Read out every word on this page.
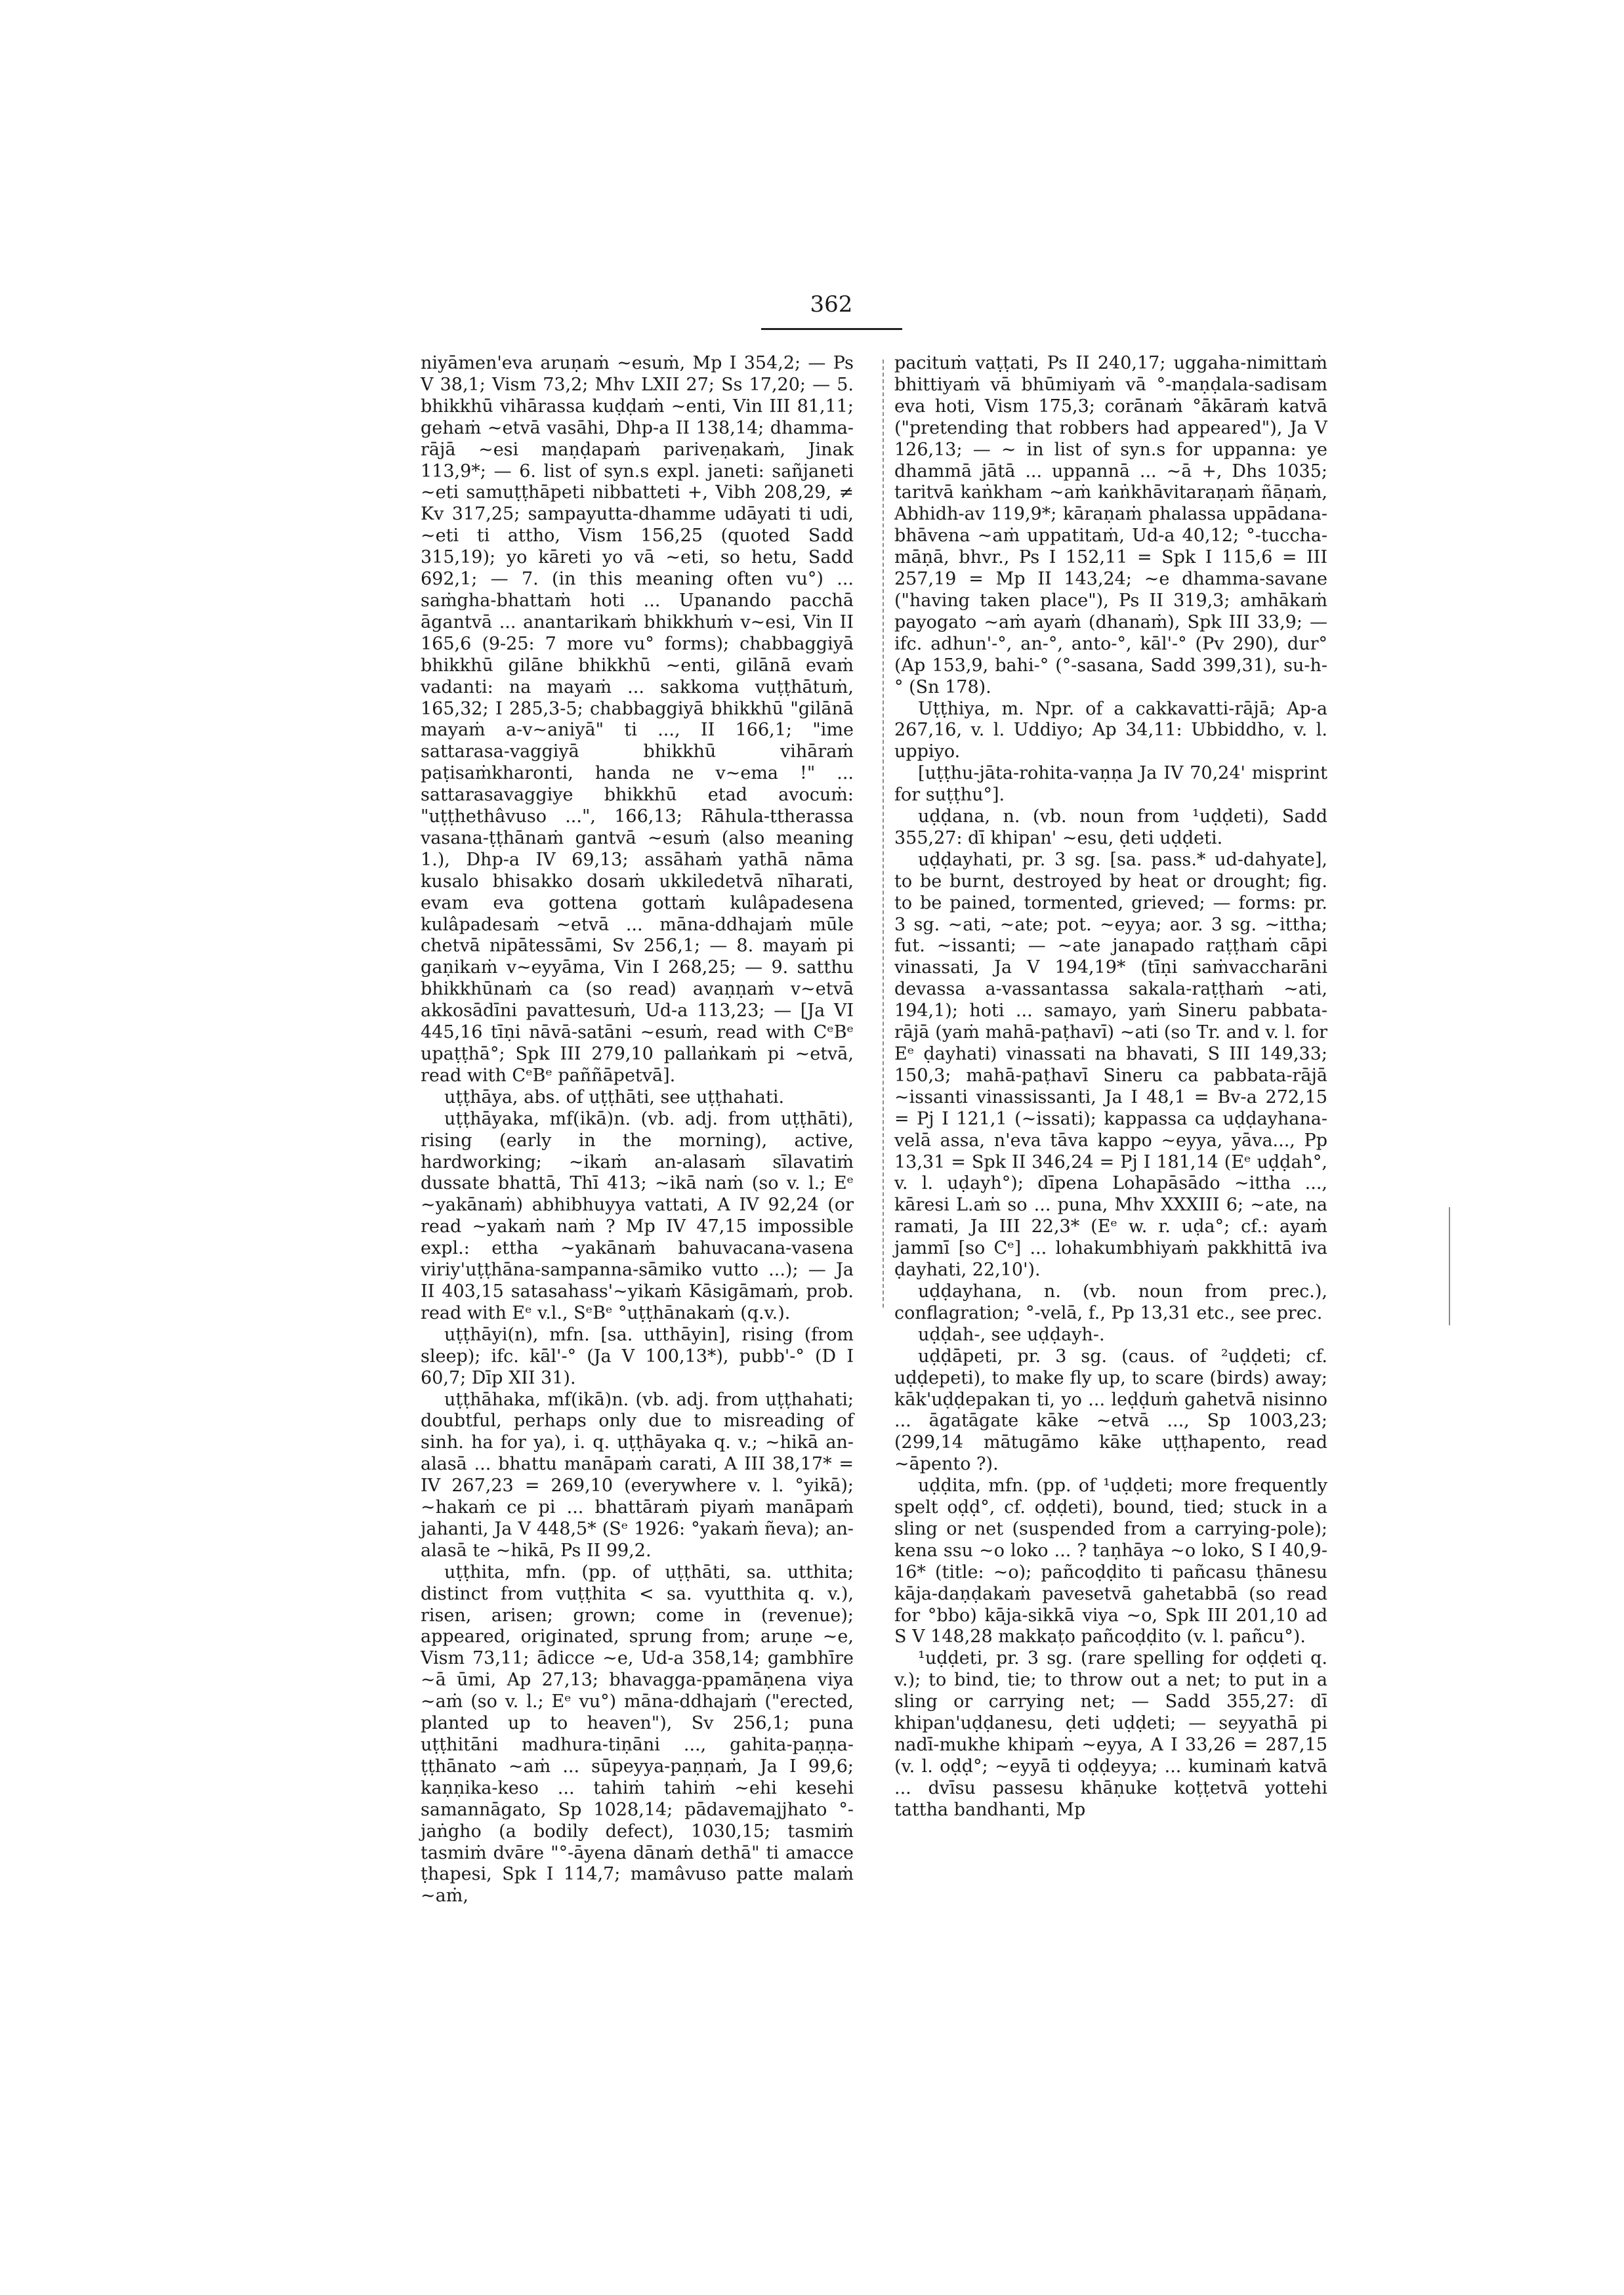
362

niyāmen'eva aruṇaṁ ~esuṁ, Mp I 354,2; — Ps V 38,1; Vism 73,2; Mhv LXII 27; Ss 17,20; — 5. bhikkhū vihārassa kuḍḍaṁ ~enti, Vin III 81,11; gehaṁ ~etvā vasāhi, Dhp-a II 138,14; dhamma-rājā ~esi maṇḍapaṁ pariveṇakaṁ, Jinak 113,9*; — 6. list of syn.s expl. janeti: sañjaneti ~eti samuṭṭhāpeti nibbatteti +, Vibh 208,29, ≠ Kv 317,25; sampayutta-dhamme udāyati ti udi, ~eti ti attho, Vism 156,25 (quoted Sadd 315,19); yo kāreti yo vā ~eti, so hetu, Sadd 692,1; — 7. (in this meaning often vu°) ... saṁgha-bhattaṁ hoti ... Upanando pacchā āgantvā ... anantarikaṁ bhikkhuṁ v~esi, Vin II 165,6 (9-25: 7 more vu° forms); chabbaggiyā bhikkhū gilāne bhikkhū ~enti, gilānā evaṁ vadanti: na mayaṁ ... sakkoma vuṭṭhātuṁ, 165,32; I 285,3-5; chabbaggiyā bhikkhū "gilānā mayaṁ a-v~aniyā" ti ..., II 166,1; "ime sattarasa-vaggiyā bhikkhū vihāraṁ paṭisaṁkharonti, handa ne v~ema !" ... sattarasavaggiye bhikkhū etad avocuṁ: "uṭṭhethâvuso ...", 166,13; Rāhula-ttherassa vasana-ṭṭhānaṁ gantvā ~esuṁ (also meaning 1.), Dhp-a IV 69,13; assāhaṁ yathā nāma kusalo bhisakko dosaṁ ukkiledetvā nīharati, evam eva gottena gottaṁ kulâpadesena kulâpadesaṁ ~etvā ... māna-ddhajaṁ mūle chetvā nipātessāmi, Sv 256,1; — 8. mayaṁ pi gaṇikaṁ v~eyyāma, Vin I 268,25; — 9. satthu bhikkhūnaṁ ca (so read) avaṇṇaṁ v~etvā akkosādīni pavattesuṁ, Ud-a 113,23; — [Ja VI 445,16 tīṇi nāvā-satāni ~esuṁ, read with CᵉBᵉ upaṭṭhā°; Spk III 279,10 pallaṅkaṁ pi ~etvā, read with CᵉBᵉ paññāpetvā].

uṭṭhāya, abs. of uṭṭhāti, see uṭṭhahati.

uṭṭhāyaka, mf(ikā)n. (vb. adj. from uṭṭhāti), rising (early in the morning), active, hardworking; ~ikaṁ an-alasaṁ sīlavatiṁ dussate bhattā, Thī 413; ~ikā naṁ (so v. l.; Eᵉ ~yakānaṁ) abhibhuyya vattati, A IV 92,24 (or read ~yakaṁ naṁ ? Mp IV 47,15 impossible expl.: ettha ~yakānaṁ bahuvacana-vasena viriy'uṭṭhāna-sampanna-sāmiko vutto ...); — Ja II 403,15 satasahass'~yikaṁ Kāsigāmaṁ, prob. read with Eᵉ v.l., SᵉBᵉ °uṭṭhānakaṁ (q.v.).

uṭṭhāyi(n), mfn. [sa. utthāyin], rising (from sleep); ifc. kāl'-° (Ja V 100,13*), pubb'-° (D I 60,7; Dīp XII 31).

uṭṭhāhaka, mf(ikā)n. (vb. adj. from uṭṭhahati; doubtful, perhaps only due to misreading of sinh. ha for ya), i. q. uṭṭhāyaka q. v.; ~hikā an-alasā ... bhattu manāpaṁ carati, A III 38,17* = IV 267,23 = 269,10 (everywhere v. l. °yikā); ~hakaṁ ce pi ... bhattāraṁ piyaṁ manāpaṁ jahanti, Ja V 448,5* (Sᵉ 1926: °yakaṁ ñeva); an-alasā te ~hikā, Ps II 99,2.

uṭṭhita, mfn. (pp. of uṭṭhāti, sa. utthita; distinct from vuṭṭhita < sa. vyutthita q. v.), risen, arisen; grown; come in (revenue); appeared, originated, sprung from; aruṇe ~e, Vism 73,11; ādicce ~e, Ud-a 358,14; gambhīre ~ā ūmi, Ap 27,13; bhavagga-ppamāṇena viya ~aṁ (so v. l.; Eᵉ vu°) māna-ddhajaṁ ("erected, planted up to heaven"), Sv 256,1; puna uṭṭhitāni madhura-tiṇāni ..., gahita-paṇṇa-ṭṭhānato ~aṁ ... sūpeyya-paṇṇaṁ, Ja I 99,6; kaṇṇika-keso ... tahiṁ tahiṁ ~ehi kesehi samannāgato, Sp 1028,14; pādavemajjhato °-jaṅgho (a bodily defect), 1030,15; tasmiṁ tasmiṁ dvāre "°-āyena dānaṁ dethā" ti amacce ṭhapesi, Spk I 114,7; mamâvuso patte malaṁ ~aṁ,

pacituṁ vaṭṭati, Ps II 240,17; uggaha-nimittaṁ bhittiyaṁ vā bhūmiyaṁ vā °-maṇḍala-sadisam eva hoti, Vism 175,3; corānaṁ °ākāraṁ katvā ("pretending that robbers had appeared"), Ja V 126,13; — ~ in list of syn.s for uppanna: ye dhammā jātā ... uppannā ... ~ā +, Dhs 1035; taritvā kaṅkham ~aṁ kaṅkhāvitaraṇaṁ ñāṇaṁ, Abhidh-av 119,9*; kāraṇaṁ phalassa uppādana-bhāvena ~aṁ uppatitaṁ, Ud-a 40,12; °-tuccha-māṇā, bhvr., Ps I 152,11 = Spk I 115,6 = III 257,19 = Mp II 143,24; ~e dhamma-savane ("having taken place"), Ps II 319,3; amhākaṁ payogato ~aṁ ayaṁ (dhanaṁ), Spk III 33,9; — ifc. adhun'-°, an-°, anto-°, kāl'-° (Pv 290), dur° (Ap 153,9, bahi-° (°-sasana, Sadd 399,31), su-h-° (Sn 178).

Uṭṭhiya, m. Npr. of a cakkavatti-rājā; Ap-a 267,16, v. l. Uddiyo; Ap 34,11: Ubbiddho, v. l. uppiyo.

[uṭṭhu-jāta-rohita-vaṇṇa Ja IV 70,24' misprint for suṭṭhu°].

uḍḍana, n. (vb. noun from ¹uḍḍeti), Sadd 355,27: dī khipan' ~esu, ḍeti uḍḍeti.

uḍḍayhati, pr. 3 sg. [sa. pass.* ud-dahyate], to be burnt, destroyed by heat or drought; fig. to be pained, tormented, grieved; — forms: pr. 3 sg. ~ati, ~ate; pot. ~eyya; aor. 3 sg. ~ittha; fut. ~issanti; — ~ate janapado raṭṭhaṁ cāpi vinassati, Ja V 194,19* (tīṇi saṁvaccharāni devassa a-vassantassa sakala-raṭṭhaṁ ~ati, 194,1); hoti ... samayo, yaṁ Sineru pabbata-rājā (yaṁ mahā-paṭhavī) ~ati (so Tr. and v. l. for Eᵉ ḍayhati) vinassati na bhavati, S III 149,33; 150,3; mahā-paṭhavī Sineru ca pabbata-rājā ~issanti vinassissanti, Ja I 48,1 = Bv-a 272,15 = Pj I 121,1 (~issati); kappassa ca uḍḍayhana-velā assa, n'eva tāva kappo ~eyya, yāva..., Pp 13,31 = Spk II 346,24 = Pj I 181,14 (Eᵉ uḍḍah°, v. l. uḍayh°); dīpena Lohapāsādo ~ittha ..., kāresi L.aṁ so ... puna, Mhv XXXIII 6; ~ate, na ramati, Ja III 22,3* (Eᵉ w. r. uḍa°; cf.: ayaṁ jammī [so Cᵉ] ... lohakumbhiyaṁ pakkhittā iva ḍayhati, 22,10').

uḍḍayhana, n. (vb. noun from prec.), conflagration; °-velā, f., Pp 13,31 etc., see prec.

uḍḍah-, see uḍḍayh-.

uḍḍāpeti, pr. 3 sg. (caus. of ²uḍḍeti; cf. uḍḍepeti), to make fly up, to scare (birds) away; kāk'uḍḍepakan ti, yo ... leḍḍuṁ gahetvā nisinno ... āgatāgate kāke ~etvā ..., Sp 1003,23; (299,14 mātugāmo kāke uṭṭhapento, read ~āpento ?).

uḍḍita, mfn. (pp. of ¹uḍḍeti; more frequently spelt oḍḍ°, cf. oḍḍeti), bound, tied; stuck in a sling or net (suspended from a carrying-pole); kena ssu ~o loko ... ? taṇhāya ~o loko, S I 40,9-16* (title: ~o); pañcoḍḍito ti pañcasu ṭhānesu kāja-daṇḍakaṁ pavesetvā gahetabbā (so read for °bbo) kāja-sikkā viya ~o, Spk III 201,10 ad S V 148,28 makkaṭo pañcoḍḍito (v. l. pañcu°).

¹uḍḍeti, pr. 3 sg. (rare spelling for oḍḍeti q. v.); to bind, tie; to throw out a net; to put in a sling or carrying net; — Sadd 355,27: dī khipan'uḍḍanesu, ḍeti uḍḍeti; — seyyathā pi nadī-mukhe khipaṁ ~eyya, A I 33,26 = 287,15 (v. l. oḍḍ°; ~eyyā ti oḍḍeyya; ... kuminaṁ katvā ... dvīsu passesu khāṇuke koṭṭetvā yottehi tattha bandhanti, Mp
